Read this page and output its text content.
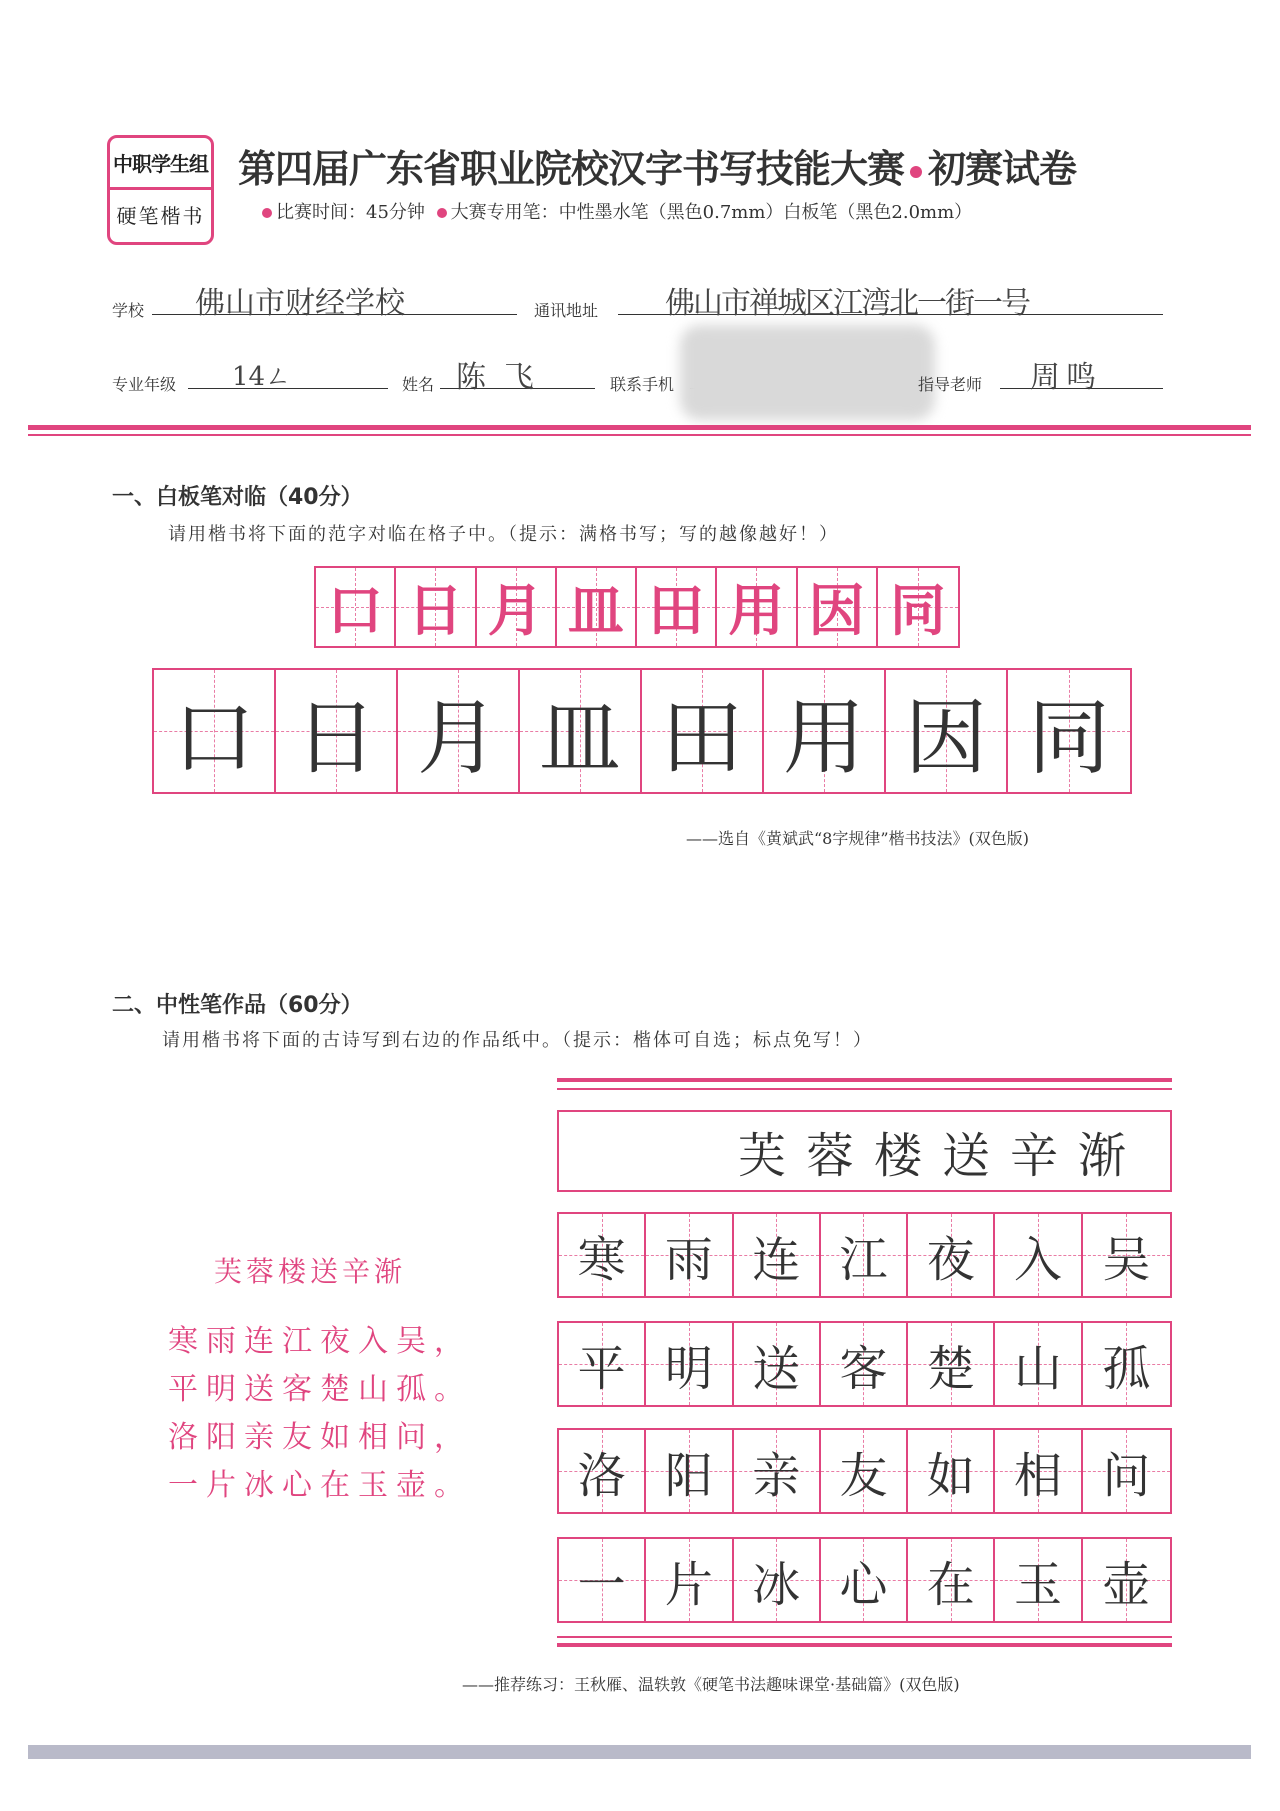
中职学生组
硬笔楷书
第四届广东省职业院校汉字书写技能大赛 初赛试卷
比赛时间：45分钟 大赛专用笔：中性墨水笔（黑色0.7mm）白板笔（黑色2.0mm）
学校 佛山市财经学校	通讯地址 佛山市禅城区江湾北一街一号
专业年级 14ㄥ	姓名 陈飞	联系手机	指导老师 周鸣
一、白板笔对临（40分）
请用楷书将下面的范字对临在格子中。（提示：满格书写；写的越像越好！）
口 日 月 皿 田 用 因 同
口 日 月 皿 田 用 因 同
——选自《黄斌武“8字规律”楷书技法》(双色版)
二、中性笔作品（60分）
请用楷书将下面的古诗写到右边的作品纸中。（提示：楷体可自选；标点免写！）
芙蓉楼送辛渐
寒雨连江夜入吴，
平明送客楚山孤。
洛阳亲友如相问，
一片冰心在玉壶。
芙蓉楼送辛渐
寒 雨 连 江 夜 入 吴
平 明 送 客 楚 山 孤
洛 阳 亲 友 如 相 问
一 片 冰 心 在 玉 壶
——推荐练习：王秋雁、温轶敦《硬笔书法趣味课堂·基础篇》(双色版)
